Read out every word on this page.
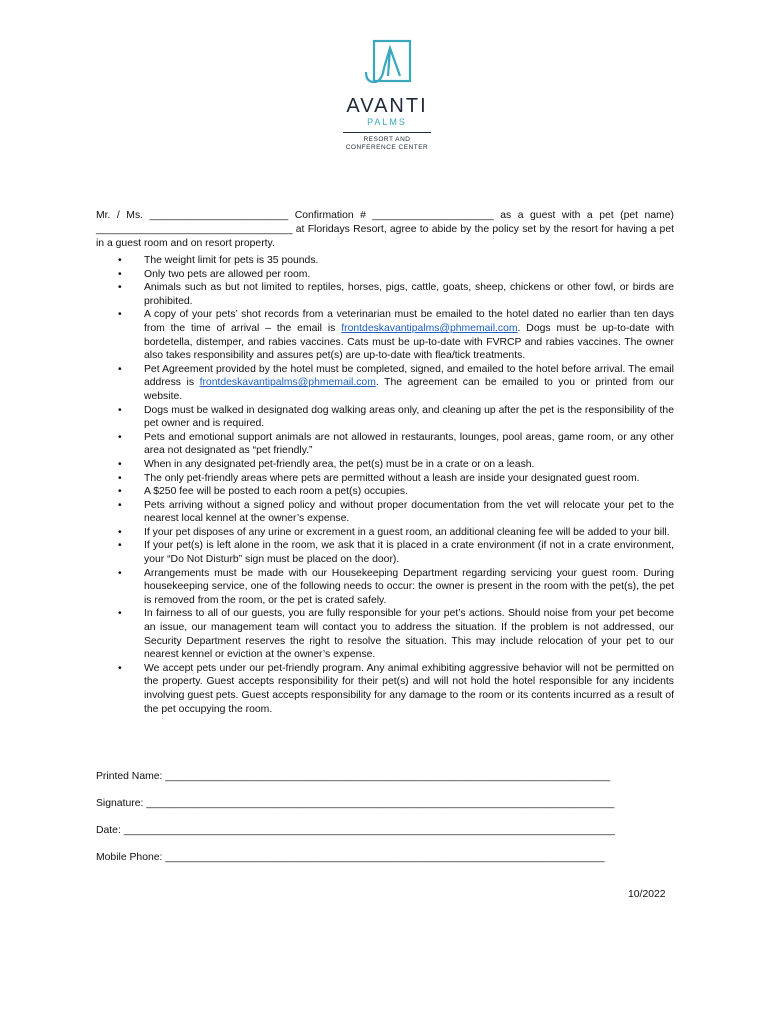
AVANTI
PALMS
RESORT AND
CONFERENCE CENTER

Mr. / Ms. ________________________ Confirmation # _____________________ as a guest with a pet (pet name) __________________________________ at Floridays Resort, agree to abide by the policy set by the resort for having a pet in a guest room and on resort property.

• The weight limit for pets is 35 pounds.
• Only two pets are allowed per room.
• Animals such as but not limited to reptiles, horses, pigs, cattle, goats, sheep, chickens or other fowl, or birds are prohibited.
• A copy of your pets’ shot records from a veterinarian must be emailed to the hotel dated no earlier than ten days from the time of arrival – the email is frontdeskavantipalms@phmemail.com. Dogs must be up-to-date with bordetella, distemper, and rabies vaccines. Cats must be up-to-date with FVRCP and rabies vaccines. The owner also takes responsibility and assures pet(s) are up-to-date with flea/tick treatments.
• Pet Agreement provided by the hotel must be completed, signed, and emailed to the hotel before arrival. The email address is frontdeskavantipalms@phmemail.com. The agreement can be emailed to you or printed from our website.
• Dogs must be walked in designated dog walking areas only, and cleaning up after the pet is the responsibility of the pet owner and is required.
• Pets and emotional support animals are not allowed in restaurants, lounges, pool areas, game room, or any other area not designated as “pet friendly.”
• When in any designated pet-friendly area, the pet(s) must be in a crate or on a leash.
• The only pet-friendly areas where pets are permitted without a leash are inside your designated guest room.
• A $250 fee will be posted to each room a pet(s) occupies.
• Pets arriving without a signed policy and without proper documentation from the vet will relocate your pet to the nearest local kennel at the owner’s expense.
• If your pet disposes of any urine or excrement in a guest room, an additional cleaning fee will be added to your bill.
• If your pet(s) is left alone in the room, we ask that it is placed in a crate environment (if not in a crate environment, your “Do Not Disturb” sign must be placed on the door).
• Arrangements must be made with our Housekeeping Department regarding servicing your guest room. During housekeeping service, one of the following needs to occur: the owner is present in the room with the pet(s), the pet is removed from the room, or the pet is crated safely.
• In fairness to all of our guests, you are fully responsible for your pet’s actions. Should noise from your pet become an issue, our management team will contact you to address the situation. If the problem is not addressed, our Security Department reserves the right to resolve the situation. This may include relocation of your pet to our nearest kennel or eviction at the owner’s expense.
• We accept pets under our pet-friendly program. Any animal exhibiting aggressive behavior will not be permitted on the property. Guest accepts responsibility for their pet(s) and will not hold the hotel responsible for any incidents involving guest pets. Guest accepts responsibility for any damage to the room or its contents incurred as a result of the pet occupying the room.
Printed Name: _____________________________________________________________________________
Signature: _________________________________________________________________________________
Date: _____________________________________________________________________________________
Mobile Phone: ____________________________________________________________________________
10/2022
